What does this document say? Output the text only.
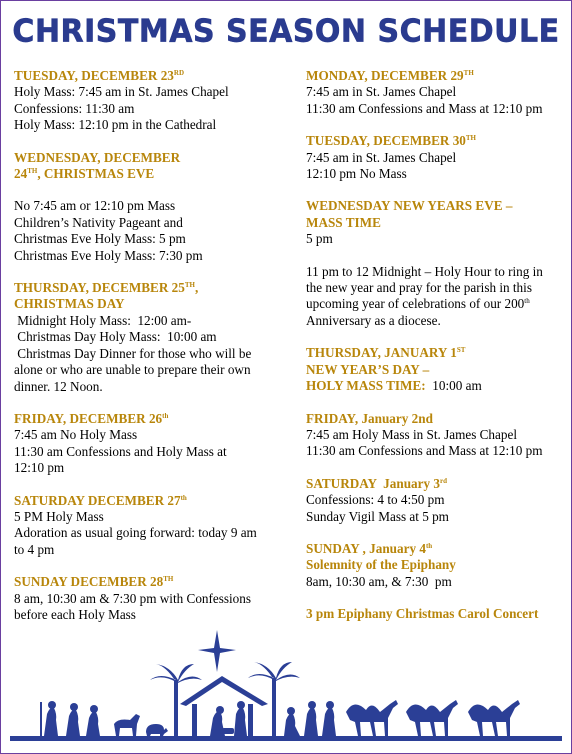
CHRISTMAS SEASON SCHEDULE
TUESDAY, DECEMBER 23RD
Holy Mass: 7:45 am in St. James Chapel
Confessions: 11:30 am
Holy Mass: 12:10 pm in the Cathedral
WEDNESDAY, DECEMBER
24TH, CHRISTMAS EVE
No 7:45 am or 12:10 pm Mass
Children’s Nativity Pageant and
Christmas Eve Holy Mass: 5 pm
Christmas Eve Holy Mass: 7:30 pm
THURSDAY, DECEMBER 25TH,
CHRISTMAS DAY
Midnight Holy Mass:  12:00 am-
Christmas Day Holy Mass:  10:00 am
Christmas Day Dinner for those who will be
alone or who are unable to prepare their own
dinner. 12 Noon.
FRIDAY, DECEMBER 26th
7:45 am No Holy Mass
11:30 am Confessions and Holy Mass at
12:10 pm
SATURDAY DECEMBER 27th
5 PM Holy Mass
Adoration as usual going forward: today 9 am
to 4 pm
SUNDAY DECEMBER 28TH
8 am, 10:30 am & 7:30 pm with Confessions
before each Holy Mass
MONDAY, DECEMBER 29TH
7:45 am in St. James Chapel
11:30 am Confessions and Mass at 12:10 pm
TUESDAY, DECEMBER 30TH
7:45 am in St. James Chapel
12:10 pm No Mass
WEDNESDAY NEW YEARS EVE –
MASS TIME
5 pm
11 pm to 12 Midnight – Holy Hour to ring in
the new year and pray for the parish in this
upcoming year of celebrations of our 200th
Anniversary as a diocese.
THURSDAY, JANUARY 1ST
NEW YEAR’S DAY –
HOLY MASS TIME:  10:00 am
FRIDAY, January 2nd
7:45 am Holy Mass in St. James Chapel
11:30 am Confessions and Mass at 12:10 pm
SATURDAY  January 3rd
Confessions: 4 to 4:50 pm
Sunday Vigil Mass at 5 pm
SUNDAY , January 4th
Solemnity of the Epiphany
8am, 10:30 am, & 7:30  pm
3 pm Epiphany Christmas Carol Concert
